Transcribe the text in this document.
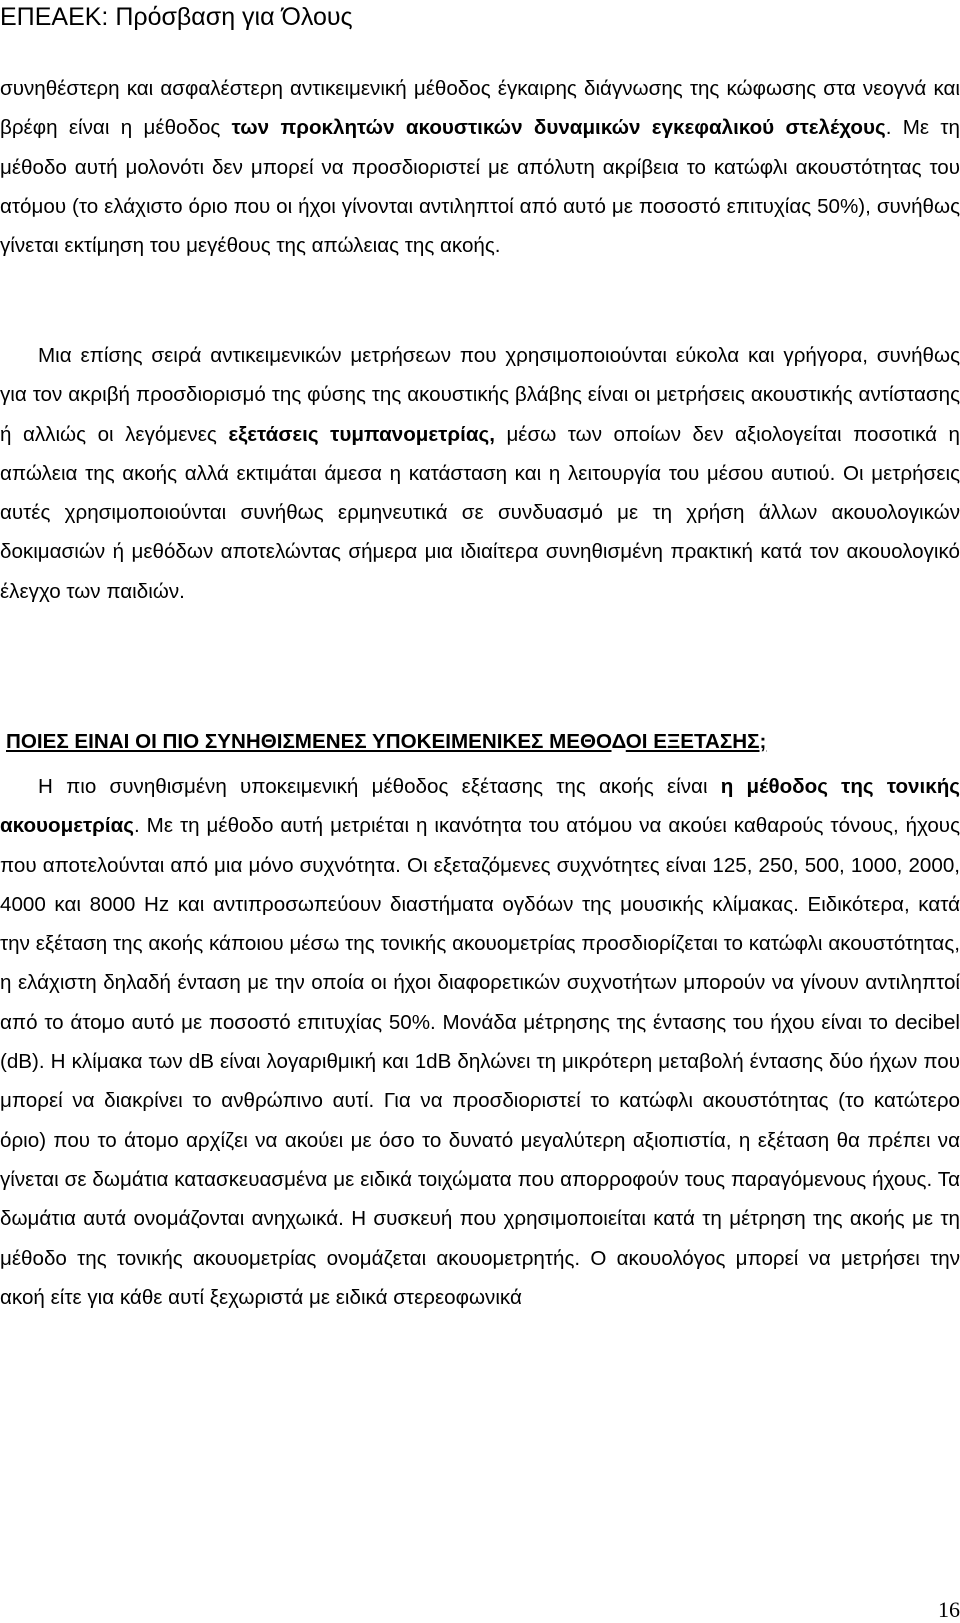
ΕΠΕΑΕΚ: Πρόσβαση για Όλους

συνηθέστερη και ασφαλέστερη αντικειμενική μέθοδος έγκαιρης διάγνωσης της κώφωσης στα νεογνά και βρέφη είναι η μέθοδος των προκλητών ακουστικών δυναμικών εγκεφαλικού στελέχους. Με τη μέθοδο αυτή μολονότι δεν μπορεί να προσδιοριστεί με απόλυτη ακρίβεια το κατώφλι ακουστότητας του ατόμου (το ελάχιστο όριο που οι ήχοι γίνονται αντιληπτοί από αυτό με ποσοστό επιτυχίας 50%), συνήθως γίνεται εκτίμηση του μεγέθους της απώλειας της ακοής.

Μια επίσης σειρά αντικειμενικών μετρήσεων που χρησιμοποιούνται εύκολα και γρήγορα, συνήθως για τον ακριβή προσδιορισμό της φύσης της ακουστικής βλάβης είναι οι μετρήσεις ακουστικής αντίστασης ή αλλιώς οι λεγόμενες εξετάσεις τυμπανομετρίας, μέσω των οποίων δεν αξιολογείται ποσοτικά η απώλεια της ακοής αλλά εκτιμάται άμεσα η κατάσταση και η λειτουργία του μέσου αυτιού. Οι μετρήσεις αυτές χρησιμοποιούνται συνήθως ερμηνευτικά σε συνδυασμό με τη χρήση άλλων ακουολογικών δοκιμασιών ή μεθόδων αποτελώντας σήμερα μια ιδιαίτερα συνηθισμένη πρακτική κατά τον ακουολογικό έλεγχο των παιδιών.

ΠΟΙΕΣ ΕΙΝΑΙ ΟΙ ΠΙΟ ΣΥΝΗΘΙΣΜΕΝΕΣ ΥΠΟΚΕΙΜΕΝΙΚΕΣ ΜΕΘΟΔΟΙ ΕΞΕΤΑΣΗΣ;

Η πιο συνηθισμένη υποκειμενική μέθοδος εξέτασης της ακοής είναι η μέθοδος της τονικής ακουομετρίας. Με τη μέθοδο αυτή μετριέται η ικανότητα του ατόμου να ακούει καθαρούς τόνους, ήχους που αποτελούνται από μια μόνο συχνότητα. Οι εξεταζόμενες συχνότητες είναι 125, 250, 500, 1000, 2000, 4000 και 8000 Hz και αντιπροσωπεύουν διαστήματα ογδόων της μουσικής κλίμακας. Ειδικότερα, κατά την εξέταση της ακοής κάποιου μέσω της τονικής ακουομετρίας προσδιορίζεται το κατώφλι ακουστότητας, η ελάχιστη δηλαδή ένταση με την οποία οι ήχοι διαφορετικών συχνοτήτων μπορούν να γίνουν αντιληπτοί από το άτομο αυτό με ποσοστό επιτυχίας 50%. Μονάδα μέτρησης της έντασης του ήχου είναι το decibel (dB). Η κλίμακα των dB είναι λογαριθμική και 1dB δηλώνει τη μικρότερη μεταβολή έντασης δύο ήχων που μπορεί να διακρίνει το ανθρώπινο αυτί. Για να προσδιοριστεί το κατώφλι ακουστότητας (το κατώτερο όριο) που το άτομο αρχίζει να ακούει με όσο το δυνατό μεγαλύτερη αξιοπιστία, η εξέταση θα πρέπει να γίνεται σε δωμάτια κατασκευασμένα με ειδικά τοιχώματα που απορροφούν τους παραγόμενους ήχους. Τα δωμάτια αυτά ονομάζονται ανηχωικά. Η συσκευή που χρησιμοποιείται κατά τη μέτρηση της ακοής με τη μέθοδο της τονικής ακουομετρίας ονομάζεται ακουομετρητής. Ο ακουολόγος μπορεί να μετρήσει την ακοή είτε για κάθε αυτί ξεχωριστά με ειδικά στερεοφωνικά

16
